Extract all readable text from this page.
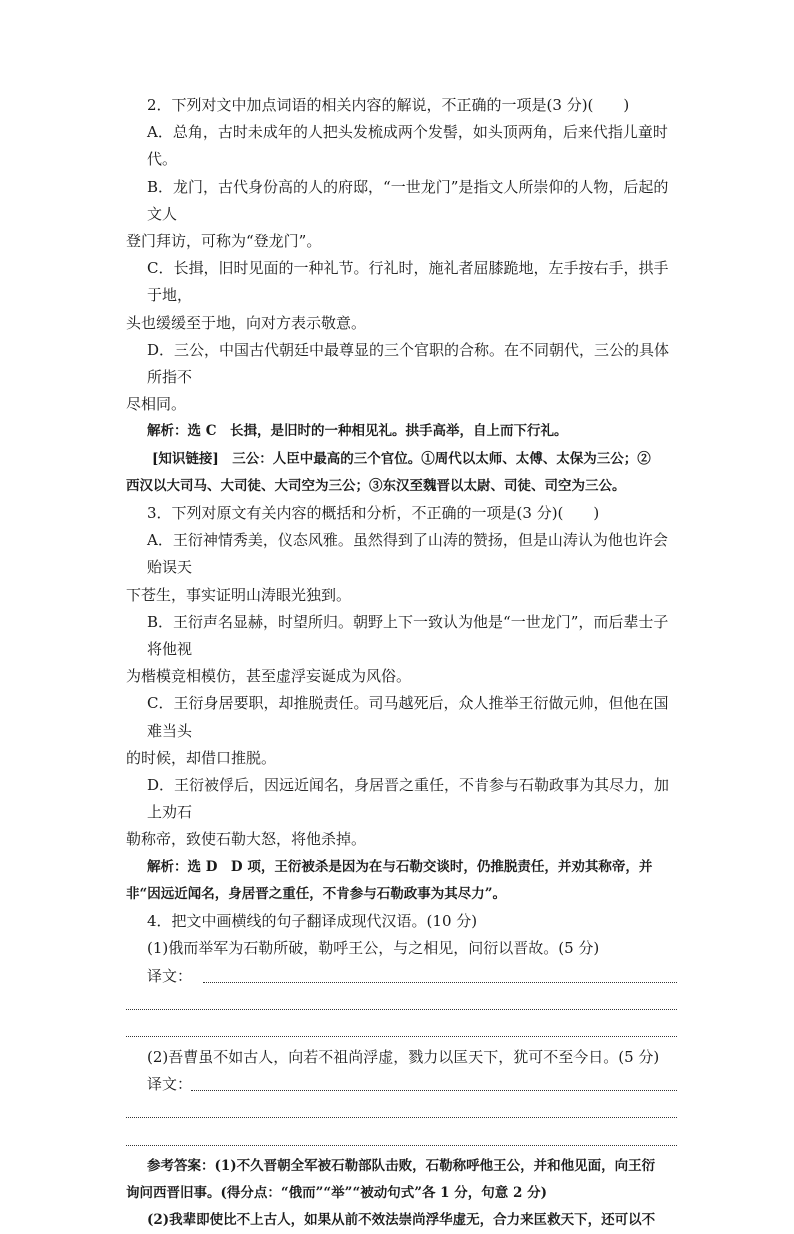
2．下列对文中加点词语的相关内容的解说，不正确的一项是(3 分)(　　)
A．总角，古时未成年的人把头发梳成两个发髻，如头顶两角，后来代指儿童时代。
B．龙门，古代身份高的人的府邸，“一世龙门”是指文人所崇仰的人物，后起的文人
登门拜访，可称为“登龙门”。
C．长揖，旧时见面的一种礼节。行礼时，施礼者屈膝跪地，左手按右手，拱手于地，
头也缓缓至于地，向对方表示敬意。
D．三公，中国古代朝廷中最尊显的三个官职的合称。在不同朝代，三公的具体所指不
尽相同。
解析：选 C　长揖，是旧时的一种相见礼。拱手高举，自上而下行礼。
[知识链接]　三公：人臣中最高的三个官位。①周代以太师、太傅、太保为三公；②
西汉以大司马、大司徒、大司空为三公；③东汉至魏晋以太尉、司徒、司空为三公。
3．下列对原文有关内容的概括和分析，不正确的一项是(3 分)(　　)
A．王衍神情秀美，仪态风雅。虽然得到了山涛的赞扬，但是山涛认为他也许会贻误天
下苍生，事实证明山涛眼光独到。
B．王衍声名显赫，时望所归。朝野上下一致认为他是“一世龙门”，而后辈士子将他视
为楷模竞相模仿，甚至虚浮妄诞成为风俗。
C．王衍身居要职，却推脱责任。司马越死后，众人推举王衍做元帅，但他在国难当头
的时候，却借口推脱。
D．王衍被俘后，因远近闻名，身居晋之重任，不肯参与石勒政事为其尽力，加上劝石
勒称帝，致使石勒大怒，将他杀掉。
解析：选 D　D 项，王衍被杀是因为在与石勒交谈时，仍推脱责任，并劝其称帝，并
非“因远近闻名，身居晋之重任，不肯参与石勒政事为其尽力”。
4．把文中画横线的句子翻译成现代汉语。(10 分)
(1)俄而举军为石勒所破，勒呼王公，与之相见，问衍以晋故。(5 分)
译文：
(2)吾曹虽不如古人，向若不祖尚浮虚，戮力以匡天下，犹可不至今日。(5 分)
译文：
参考答案：(1)不久晋朝全军被石勒部队击败，石勒称呼他王公，并和他见面，向王衍
询问西晋旧事。(得分点：“俄而”“举”“被动句式”各 1 分，句意 2 分)
(2)我辈即使比不上古人，如果从前不效法崇尚浮华虚无，合力来匡救天下，还可以不
